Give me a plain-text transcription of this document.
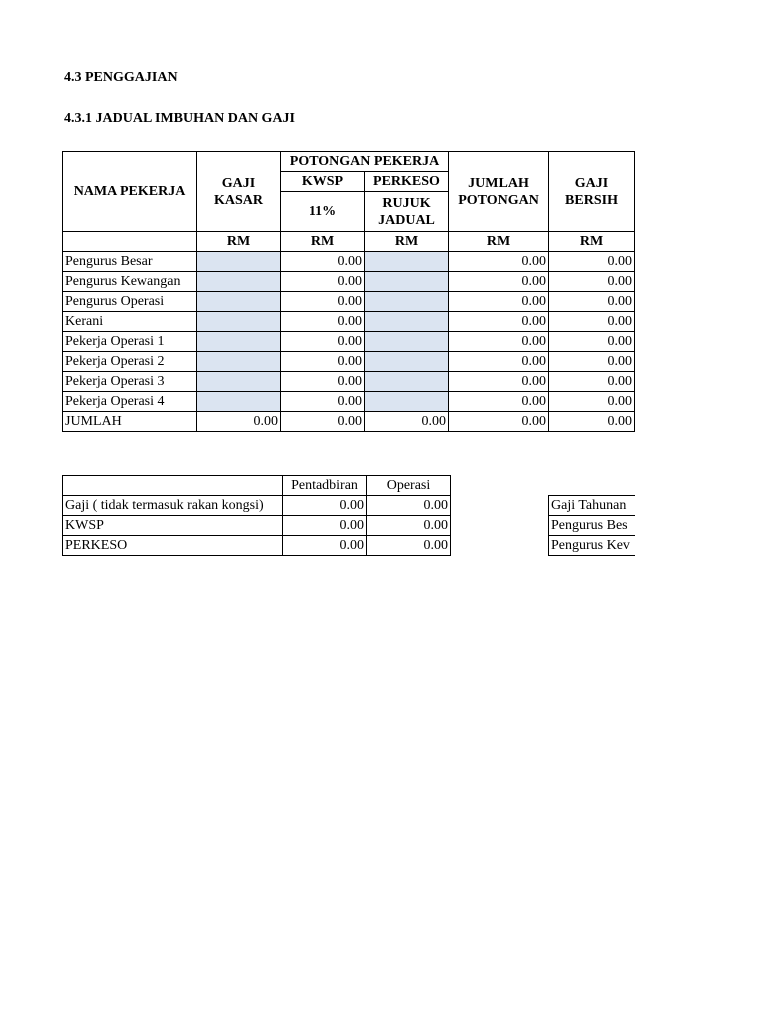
4.3 PENGGAJIAN
4.3.1 JADUAL IMBUHAN DAN GAJI
NAMA PEKERJA	GAJI KASAR	POTONGAN PEKERJA		JUMLAH POTONGAN	GAJI BERSIH
		KWSP	PERKESO		
		11%	RUJUK JADUAL		
	RM	RM	RM	RM	RM
Pengurus Besar		0.00		0.00	0.00
Pengurus Kewangan		0.00		0.00	0.00
Pengurus Operasi		0.00		0.00	0.00
Kerani		0.00		0.00	0.00
Pekerja Operasi 1		0.00		0.00	0.00
Pekerja Operasi 2		0.00		0.00	0.00
Pekerja Operasi 3		0.00		0.00	0.00
Pekerja Operasi 4		0.00		0.00	0.00
JUMLAH	0.00	0.00	0.00	0.00	0.00
	Pentadbiran	Operasi
Gaji ( tidak termasuk rakan kongsi)	0.00	0.00
KWSP	0.00	0.00
PERKESO	0.00	0.00
Gaji Tahunan
Pengurus Bes
Pengurus Kev
